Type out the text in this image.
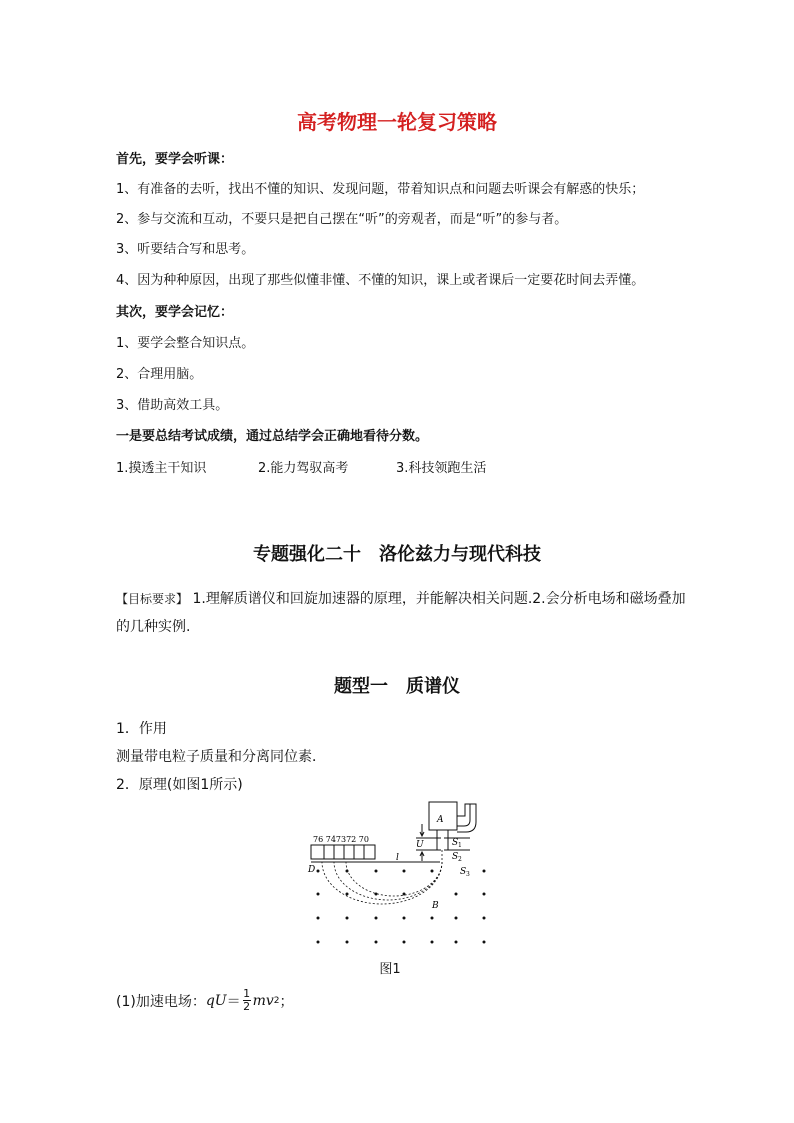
高考物理一轮复习策略
首先，要学会听课：
1、有准备的去听，找出不懂的知识、发现问题，带着知识点和问题去听课会有解惑的快乐；
2、参与交流和互动，不要只是把自己摆在“听”的旁观者，而是“听”的参与者。
3、听要结合写和思考。
4、因为种种原因，出现了那些似懂非懂、不懂的知识，课上或者课后一定要花时间去弄懂。
其次，要学会记忆：
1、要学会整合知识点。
2、合理用脑。
3、借助高效工具。
一是要总结考试成绩，通过总结学会正确地看待分数。
1.摸透主干知识	2.能力驾驭高考	3.科技领跑生活
专题强化二十　洛伦兹力与现代科技
【目标要求】 1.理解质谱仪和回旋加速器的原理，并能解决相关问题.2.会分析电场和磁场叠加
的几种实例.
题型一　质谱仪
1．作用
测量带电粒子质量和分离同位素．
2．原理(如图1所示)
A
U	S 1
S 2
S 3
76 747372 70
l
D
B
图1
(1)加速电场： qU ＝ $\frac{1}{2}$ mv 2 ；
